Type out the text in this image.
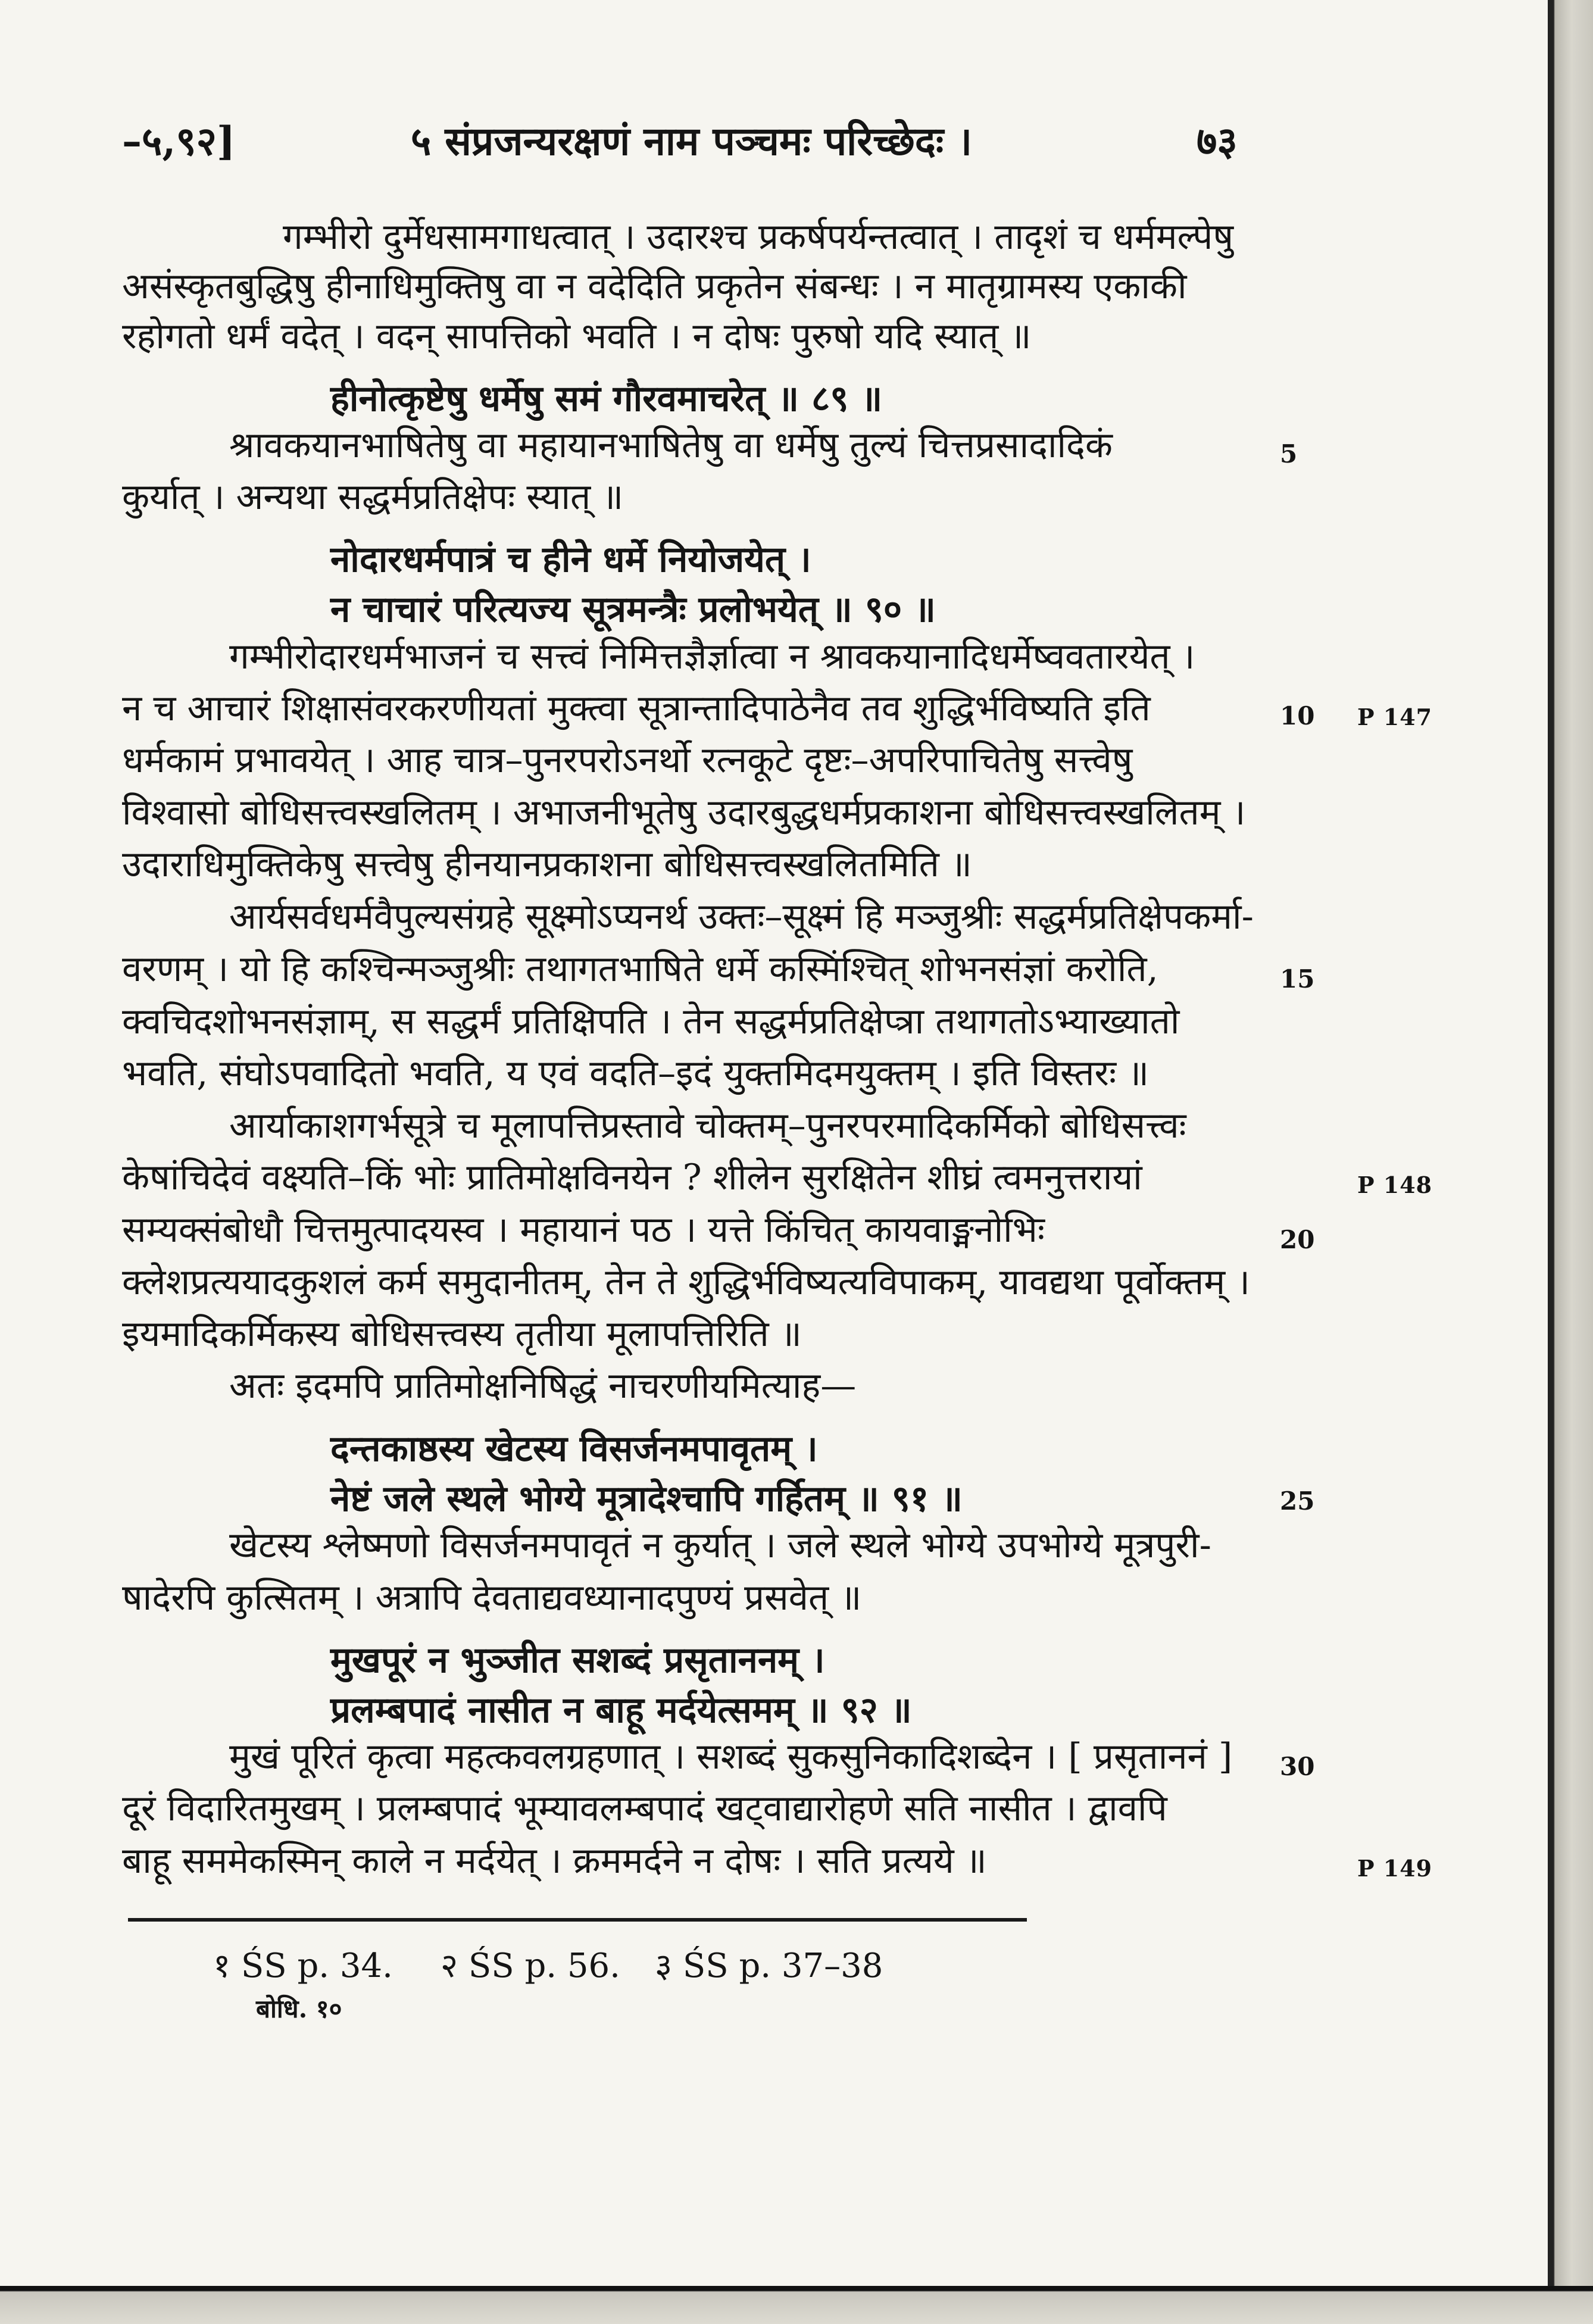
–५,९२]	५ संप्रजन्यरक्षणं नाम पञ्चमः परिच्छेदः ।	७३
गम्भीरो दुर्मेधसामगाधत्वात् । उदारश्च प्रकर्षपर्यन्तत्वात् । तादृशं च धर्ममल्पेषु
असंस्कृतबुद्धिषु हीनाधिमुक्तिषु वा न वदेदिति प्रकृतेन संबन्धः । न मातृग्रामस्य एकाकी
रहोगतो धर्मं वदेत् । वदन् सापत्तिको भवति । न दोषः पुरुषो यदि स्यात् ॥
हीनोत्कृष्टेषु धर्मेषु समं गौरवमाचरेत् ॥ ८९ ॥
श्रावकयानभाषितेषु वा महायानभाषितेषु वा धर्मेषु तुल्यं चित्तप्रसादादिकं	5
कुर्यात् । अन्यथा सद्धर्मप्रतिक्षेपः स्यात् ॥
नोदारधर्मपात्रं च हीने धर्मे नियोजयेत् ।
न चाचारं परित्यज्य सूत्रमन्त्रैः प्रलोभयेत् ॥ ९० ॥
गम्भीरोदारधर्मभाजनं च सत्त्वं निमित्तज्ञैर्ज्ञात्वा न श्रावकयानादिधर्मेष्ववतारयेत् ।
न च आचारं शिक्षासंवरकरणीयतां मुक्त्वा सूत्रान्तादिपाठेनैव तव शुद्धिर्भविष्यति इति	10 P 147
धर्मकामं प्रभावयेत् । आह चात्र–पुनरपरोऽनर्थो रत्नकूटे दृष्टः–अपरिपाचितेषु सत्त्वेषु
विश्वासो बोधिसत्त्वस्खलितम् । अभाजनीभूतेषु उदारबुद्धधर्मप्रकाशना बोधिसत्त्वस्खलितम् ।
उदाराधिमुक्तिकेषु सत्त्वेषु हीनयानप्रकाशना बोधिसत्त्वस्खलितमिति ॥
आर्यसर्वधर्मवैपुल्यसंग्रहे सूक्ष्मोऽप्यनर्थ उक्तः–सूक्ष्मं हि मञ्जुश्रीः सद्धर्मप्रतिक्षेपकर्मा-
वरणम् । यो हि कश्चिन्मञ्जुश्रीः तथागतभाषिते धर्मे कस्मिंश्चित् शोभनसंज्ञां करोति,	15
क्वचिदशोभनसंज्ञाम्, स सद्धर्मं प्रतिक्षिपति । तेन सद्धर्मप्रतिक्षेप्त्रा तथागतोऽभ्याख्यातो
भवति, संघोऽपवादितो भवति, य एवं वदति–इदं युक्तमिदमयुक्तम् । इति विस्तरः ॥
आर्याकाशगर्भसूत्रे च मूलापत्तिप्रस्तावे चोक्तम्–पुनरपरमादिकर्मिको बोधिसत्त्वः
केषांचिदेवं वक्ष्यति–किं भोः प्रातिमोक्षविनयेन ? शीलेन सुरक्षितेन शीघ्रं त्वमनुत्तरायां	P 148
सम्यक्संबोधौ चित्तमुत्पादयस्व । महायानं पठ । यत्ते किंचित् कायवाङ्मनोभिः	20
क्लेशप्रत्ययादकुशलं कर्म समुदानीतम्, तेन ते शुद्धिर्भविष्यत्यविपाकम्, यावद्यथा पूर्वोक्तम् ।
इयमादिकर्मिकस्य बोधिसत्त्वस्य तृतीया मूलापत्तिरिति ॥
अतः इदमपि प्रातिमोक्षनिषिद्धं नाचरणीयमित्याह—
दन्तकाष्ठस्य खेटस्य विसर्जनमपावृतम् ।
नेष्टं जले स्थले भोग्ये मूत्रादेश्चापि गर्हितम् ॥ ९१ ॥	25
खेटस्य श्लेष्मणो विसर्जनमपावृतं न कुर्यात् । जले स्थले भोग्ये उपभोग्ये मूत्रपुरी-
षादेरपि कुत्सितम् । अत्रापि देवताद्यवध्यानादपुण्यं प्रसवेत् ॥
मुखपूरं न भुञ्जीत सशब्दं प्रसृताननम् ।
प्रलम्बपादं नासीत न बाहू मर्दयेत्समम् ॥ ९२ ॥
मुखं पूरितं कृत्वा महत्कवलग्रहणात् । सशब्दं सुकसुनिकादिशब्देन । [ प्रसृताननं ]	30
दूरं विदारितमुखम् । प्रलम्बपादं भूम्यावलम्बपादं खट्वाद्यारोहणे सति नासीत । द्वावपि
बाहू सममेकस्मिन् काले न मर्दयेत् । क्रममर्दने न दोषः । सति प्रत्यये ॥	P 149
१ ŚS p. 34. २ ŚS p. 56. ३ ŚS p. 37–38
बोधि. १०
